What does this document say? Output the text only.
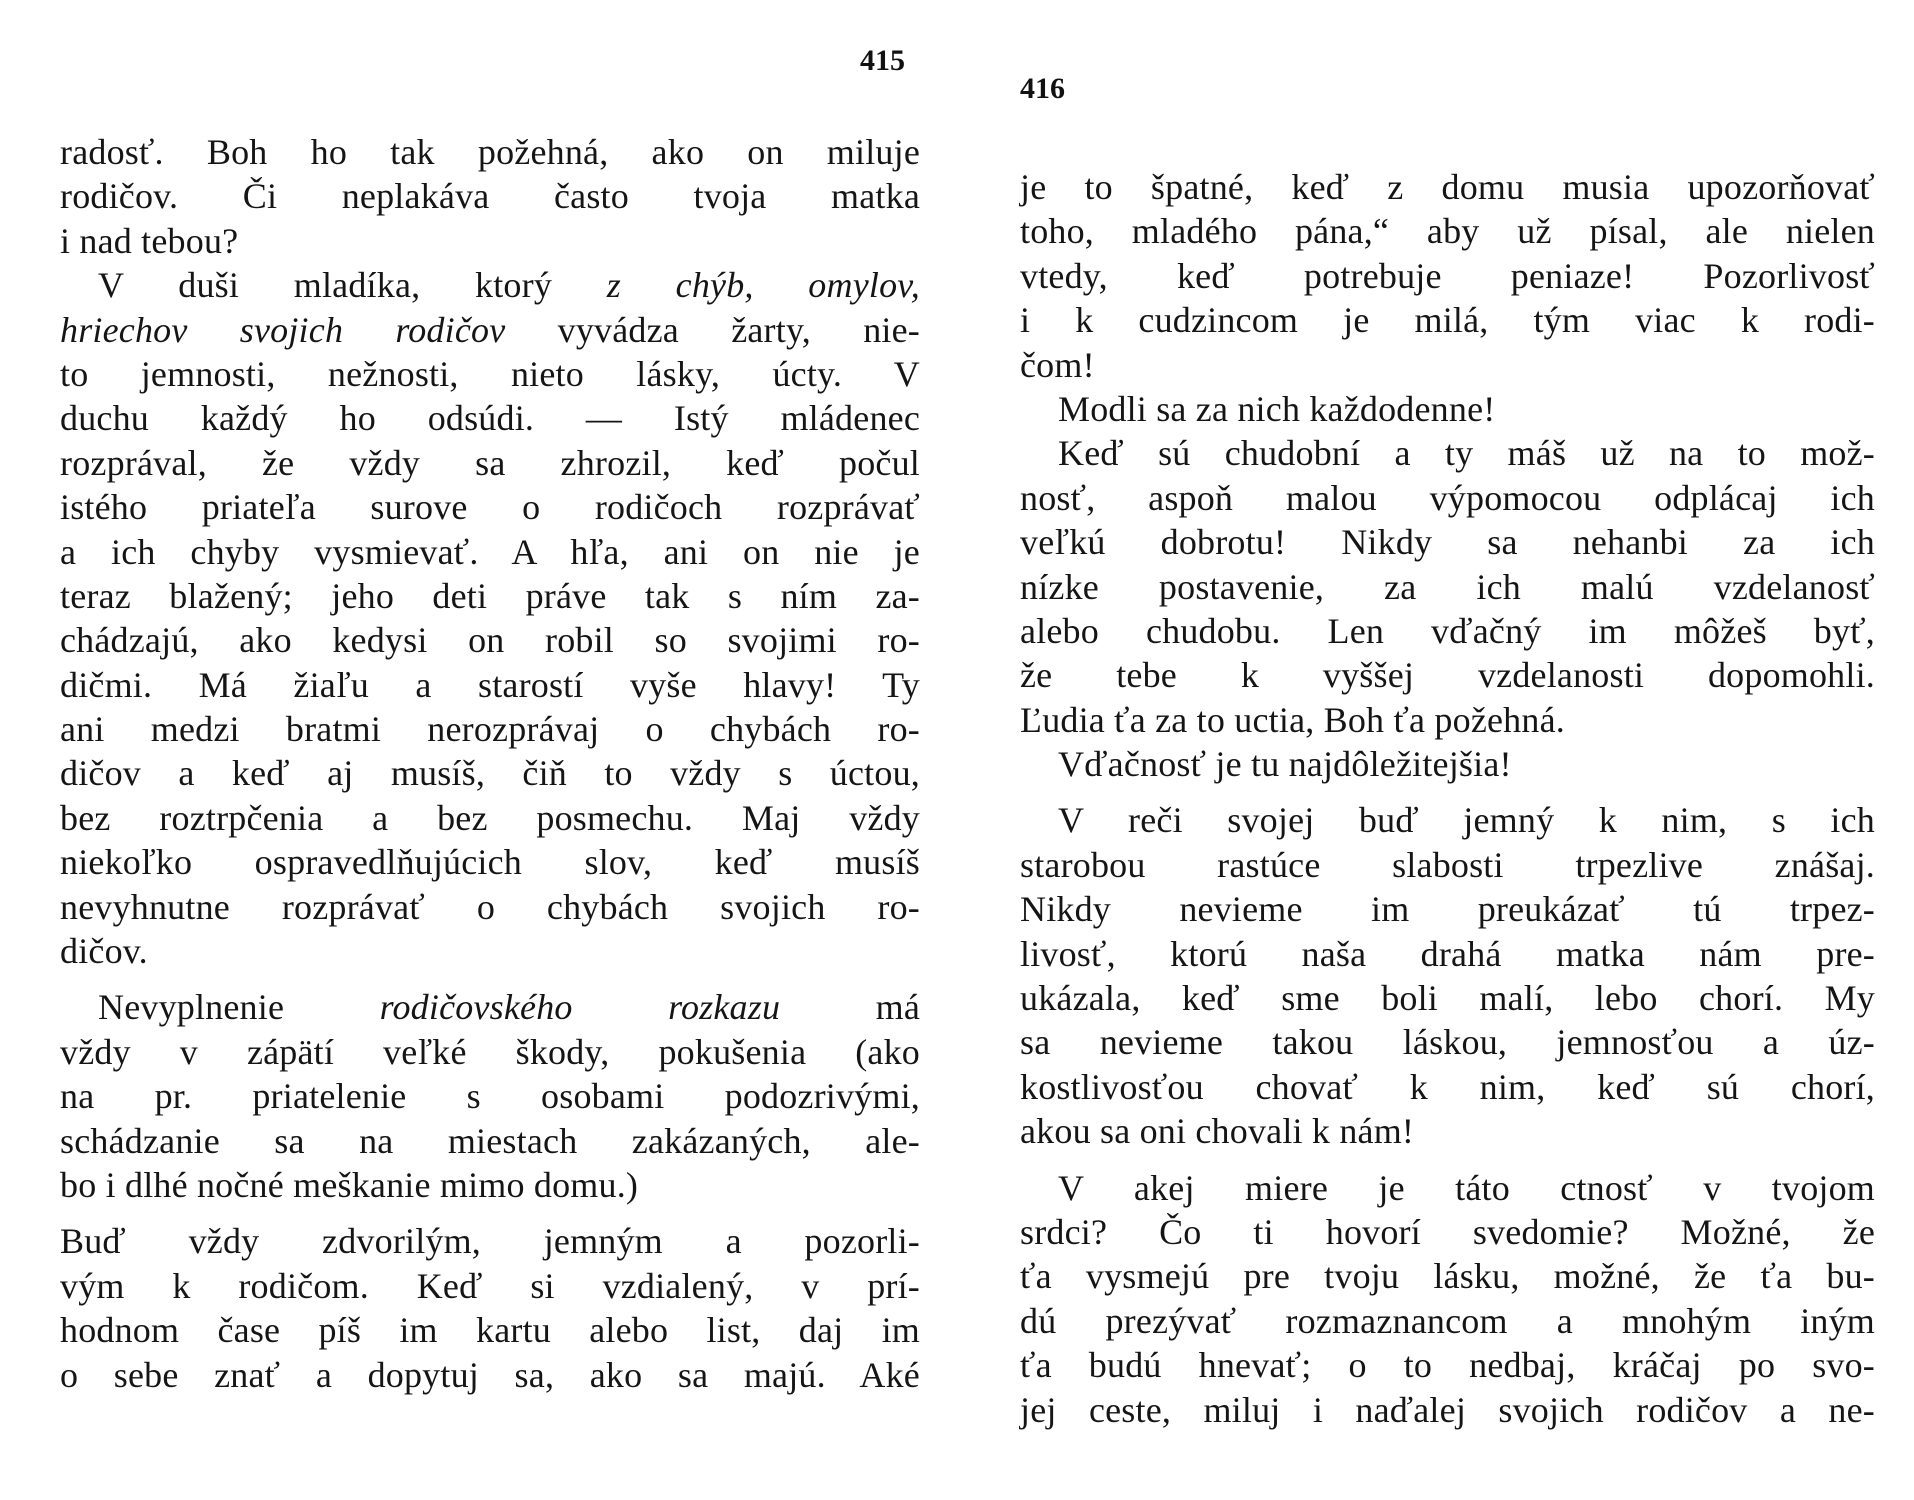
415

radosť. Boh ho tak požehná, ako on miluje
rodičov. Či neplakáva často tvoja matka
i nad tebou?
V duši mladíka, ktorý z chýb, omylov,
hriechov svojich rodičov vyvádza žarty, nie-
to jemnosti, nežnosti, nieto lásky, úcty. V
duchu každý ho odsúdi. — Istý mládenec
rozprával, že vždy sa zhrozil, keď počul
istého priateľa surove o rodičoch rozprávať
a ich chyby vysmievať. A hľa, ani on nie je
teraz blažený; jeho deti práve tak s ním za-
chádzajú, ako kedysi on robil so svojimi ro-
dičmi. Má žiaľu a starostí vyše hlavy! Ty
ani medzi bratmi nerozprávaj o chybách ro-
dičov a keď aj musíš, čiň to vždy s úctou,
bez roztrpčenia a bez posmechu. Maj vždy
niekoľko ospravedlňujúcich slov, keď musíš
nevyhnutne rozprávať o chybách svojich ro-
dičov.
Nevyplnenie	rodičovského rozkazu	má
vždy v zápätí veľké škody, pokušenia (ako
na pr. priatelenie s osobami podozrivými,
schádzanie sa na miestach zakázaných, ale-
bo i dlhé nočné meškanie mimo domu.)
Buď vždy zdvorilým, jemným a pozorli-
vým k rodičom. Keď si vzdialený, v prí-
hodnom čase píš im kartu alebo list, daj im
o sebe znať a dopytuj sa, ako sa majú. Aké

416

je to špatné, keď z domu musia upozorňovať
toho, mladého pána,“ aby už písal, ale nielen
vtedy, keď potrebuje peniaze! Pozorlivosť
i k cudzincom je milá, tým viac k rodi-
čom!
Modli sa za nich každodenne!
Keď sú chudobní a ty máš už na to mož-
nosť, aspoň malou výpomocou odplácaj ich
veľkú dobrotu! Nikdy sa nehanbi za ich
nízke postavenie, za ich malú vzdelanosť
alebo chudobu. Len vďačný im môžeš byť,
že tebe k vyššej vzdelanosti dopomohli.
Ľudia ťa za to uctia, Boh ťa požehná.
Vďačnosť je tu najdôležitejšia!
V reči svojej buď jemný k nim, s ich
starobou rastúce slabosti trpezlive znášaj.
Nikdy nevieme im preukázať tú trpez-
livosť, ktorú naša drahá matka nám pre-
ukázala, keď sme boli malí, lebo chorí. My
sa nevieme takou láskou, jemnosťou a úz-
kostlivosťou chovať k nim, keď sú chorí,
akou sa oni chovali k nám!
V akej miere je táto ctnosť v tvojom
srdci? Čo ti hovorí svedomie? Možné, že
ťa vysmejú pre tvoju lásku, možné, že ťa bu-
dú prezývať rozmaznancom a mnohým iným
ťa budú hnevať; o to nedbaj, kráčaj po svo-
jej ceste, miluj i naďalej svojich rodičov a ne-
